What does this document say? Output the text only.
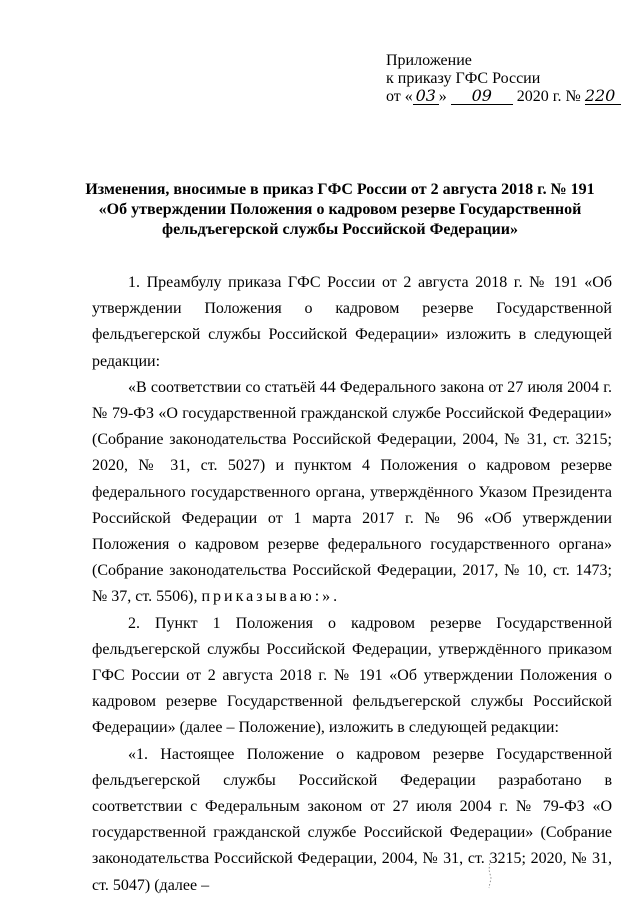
Приложение
к приказу ГФС России
от « 03 » 09 2020 г. № 220
Изменения, вносимые в приказ ГФС России от 2 августа 2018 г. № 191
«Об утверждении Положения о кадровом резерве Государственной
фельдъегерской службы Российской Федерации»

1. Преамбулу приказа ГФС России от 2 августа 2018 г. № 191 «Об утверждении Положения о кадровом резерве Государственной фельдъегерской службы Российской Федерации» изложить в следующей редакции:

«В соответствии со статьёй 44 Федерального закона от 27 июля 2004 г. № 79-ФЗ «О государственной гражданской службе Российской Федерации» (Собрание законодательства Российской Федерации, 2004, № 31, ст. 3215; 2020, № 31, ст. 5027) и пунктом 4 Положения о кадровом резерве федерального государственного органа, утверждённого Указом Президента Российской Федерации от 1 марта 2017 г. № 96 «Об утверждении Положения о кадровом резерве федерального государственного органа» (Собрание законодательства Российской Федерации, 2017, № 10, ст. 1473; № 37, ст. 5506), приказываю:».

2. Пункт 1 Положения о кадровом резерве Государственной фельдъегерской службы Российской Федерации, утверждённого приказом ГФС России от 2 августа 2018 г. № 191 «Об утверждении Положения о кадровом резерве Государственной фельдъегерской службы Российской Федерации» (далее – Положение), изложить в следующей редакции:

«1. Настоящее Положение о кадровом резерве Государственной фельдъегерской службы Российской Федерации разработано в соответствии с Федеральным законом от 27 июля 2004 г. № 79-ФЗ «О государственной гражданской службе Российской Федерации» (Собрание законодательства Российской Федерации, 2004, № 31, ст. 3215; 2020, № 31, ст. 5047) (далее –
